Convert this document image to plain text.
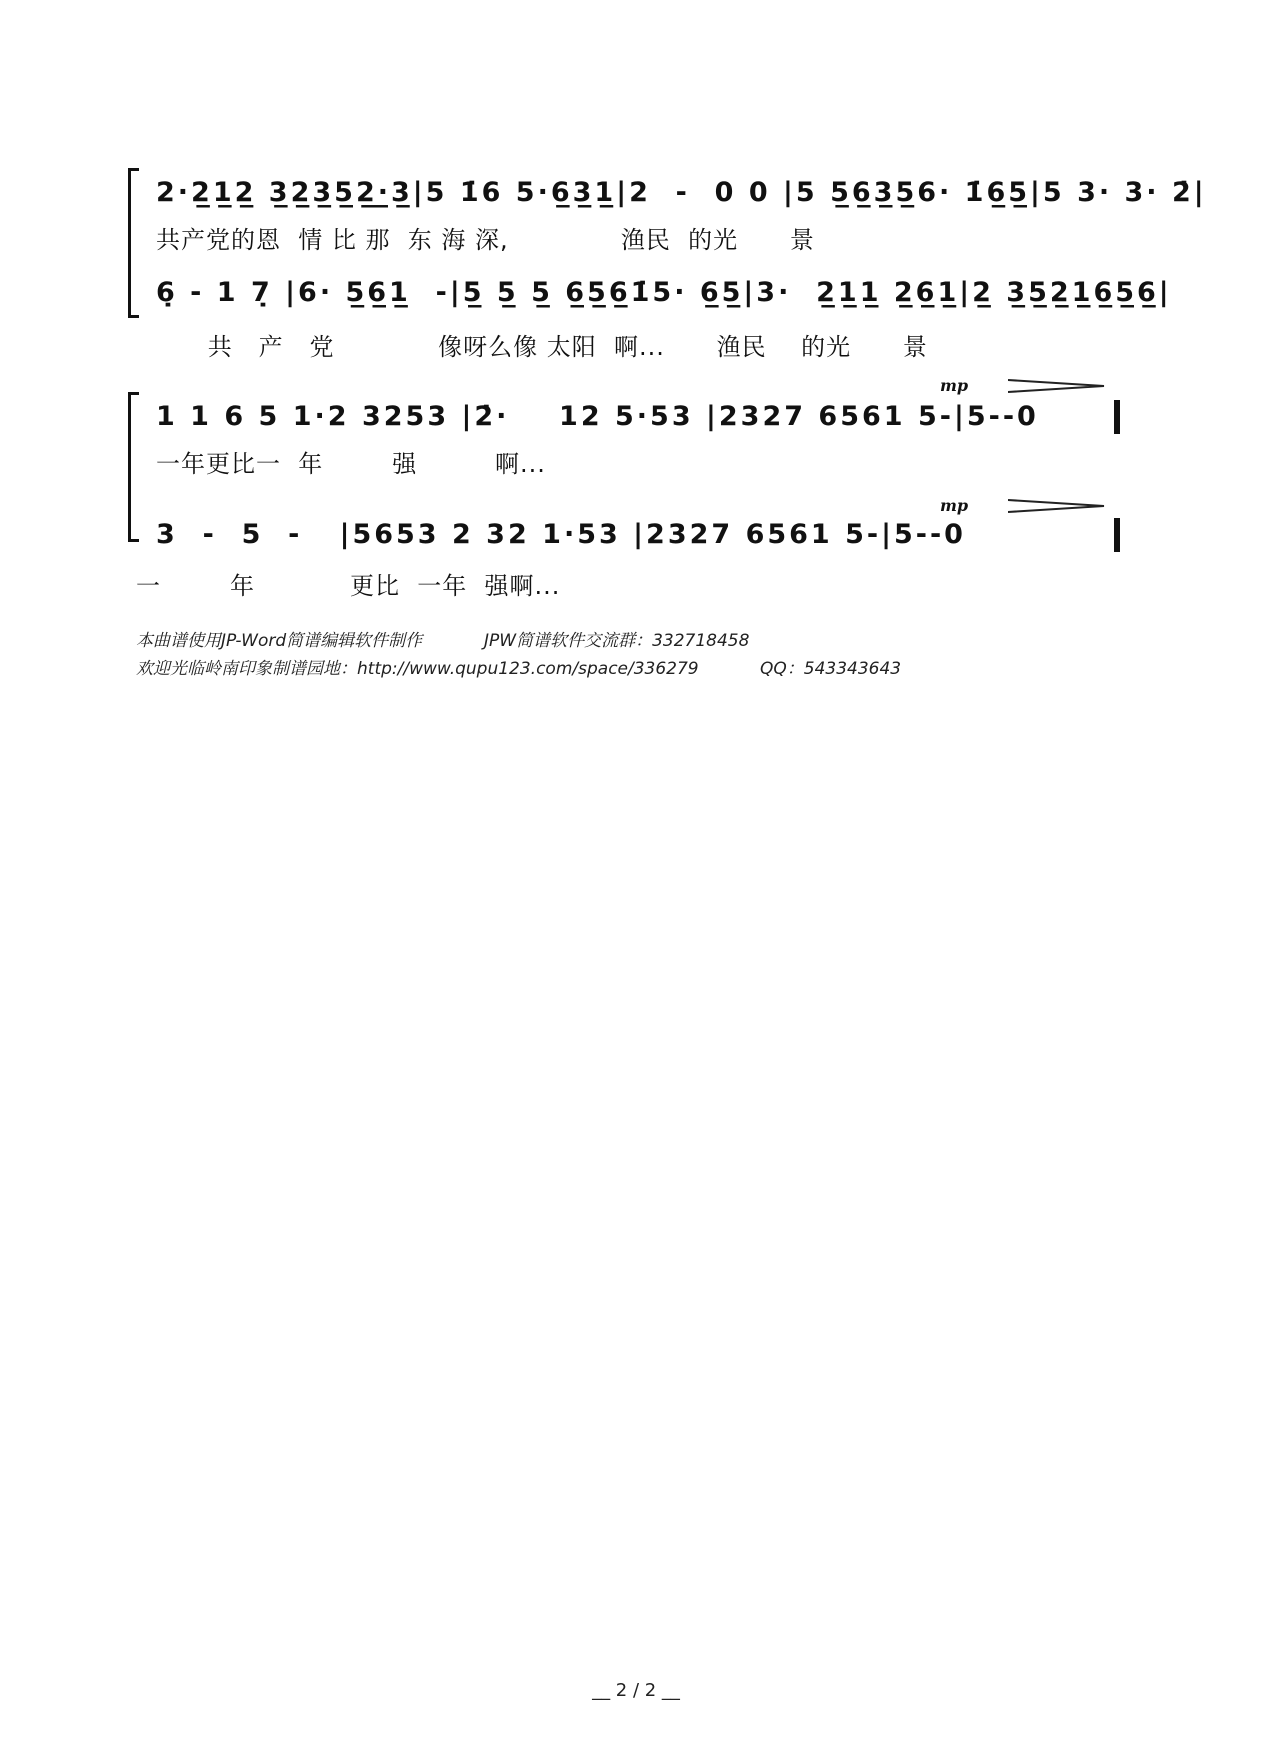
2·2̲1̲2̲ 3̲2̲3̲5̲2̲·̲3̲|5 1̇6 5·6̲3̲1̲|2  -  0 0 |5 5̲6̲3̲5̲6· 1̇6̲5̲|5 3· 3· 2̇|
共产党的恩  情 比 那  东 海 深,             渔民  的光      景
6̣ - 1 7̣ |6· 5̲6̲1̲  -|5̲ 5̲ 5̲ 6̲5̲6̲1̇5· 6̲5̲|3·  2̲1̲1̲ 2̲6̲1̲|2̲ 3̲5̲2̲1̲6̲5̲6̲|
共   产   党            像呀么像 太阳  啊...      渔民    的光      景
1 1 6 5 1·2 3253 |2̇·    12 5·53 |2327 6561 5-|5--0
一年更比一  年        强         啊...
3  -  5  -   |5653 2 32 1·53 |2327 6561 5-|5--0
mp
mp
一        年           更比  一年  强啊...
本曲谱使用JP-Word简谱编辑软件制作	JPW简谱软件交流群：332718458
欢迎光临岭南印象制谱园地：http://www.qupu123.com/space/336279	QQ：543343643
__ 2 / 2 __
